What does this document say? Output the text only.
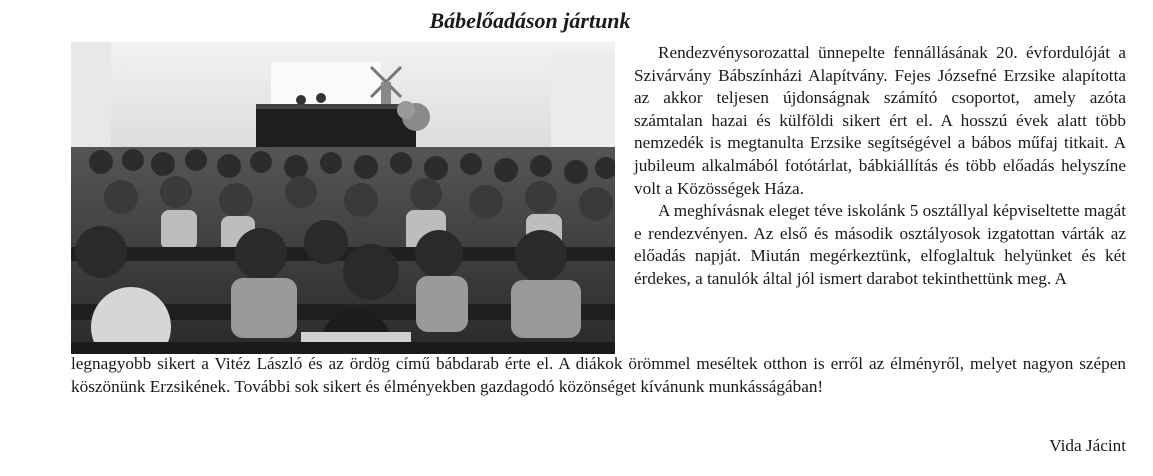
Bábelőadáson jártunk

Rendezvénysorozattal ünnepelte fennállásának 20. évfordulóját a Szivárvány Bábszínházi Alapítvány. Fejes Józsefné Erzsike alapította az akkor teljesen újdonságnak számító csoportot, amely azóta számtalan hazai és külföldi sikert ért el. A hosszú évek alatt több nemzedék is megtanulta Erzsike segítségével a bábos műfaj titkait. A jubileum alkalmából fotótárlat, bábkiállítás és több előadás helyszíne volt a Közösségek Háza.

A meghívásnak eleget téve iskolánk 5 osztállyal képviseltette magát e rendezvényen. Az első és második osztályosok izgatottan várták az előadás napját. Miután megérkeztünk, elfoglaltuk helyünket és két érdekes, a tanulók által jól ismert darabot tekinthettünk meg. A

legnagyobb sikert a Vitéz László és az ördög című bábdarab érte el. A diákok örömmel meséltek otthon is erről az élményről, melyet nagyon szépen köszönünk Erzsikének. További sok sikert és élményekben gazdagodó közönséget kívánunk munkásságában!
Vida Jácint
